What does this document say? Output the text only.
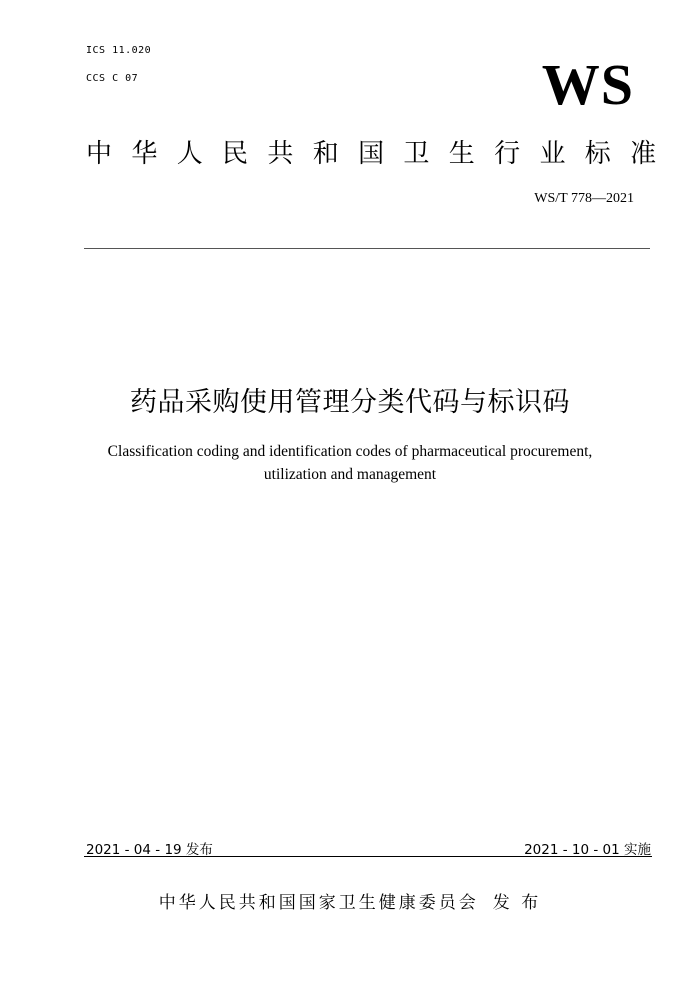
ICS 11.020
CCS C 07	WS
中 华 人 民 共 和 国 卫 生 行 业 标 准
WS/T 778—2021
药品采购使用管理分类代码与标识码
Classification coding and identification codes of pharmaceutical procurement,
utilization and management
2021 - 04 - 19 发布	2021 - 10 - 01 实施
中华人民共和国国家卫生健康委员会 发 布
